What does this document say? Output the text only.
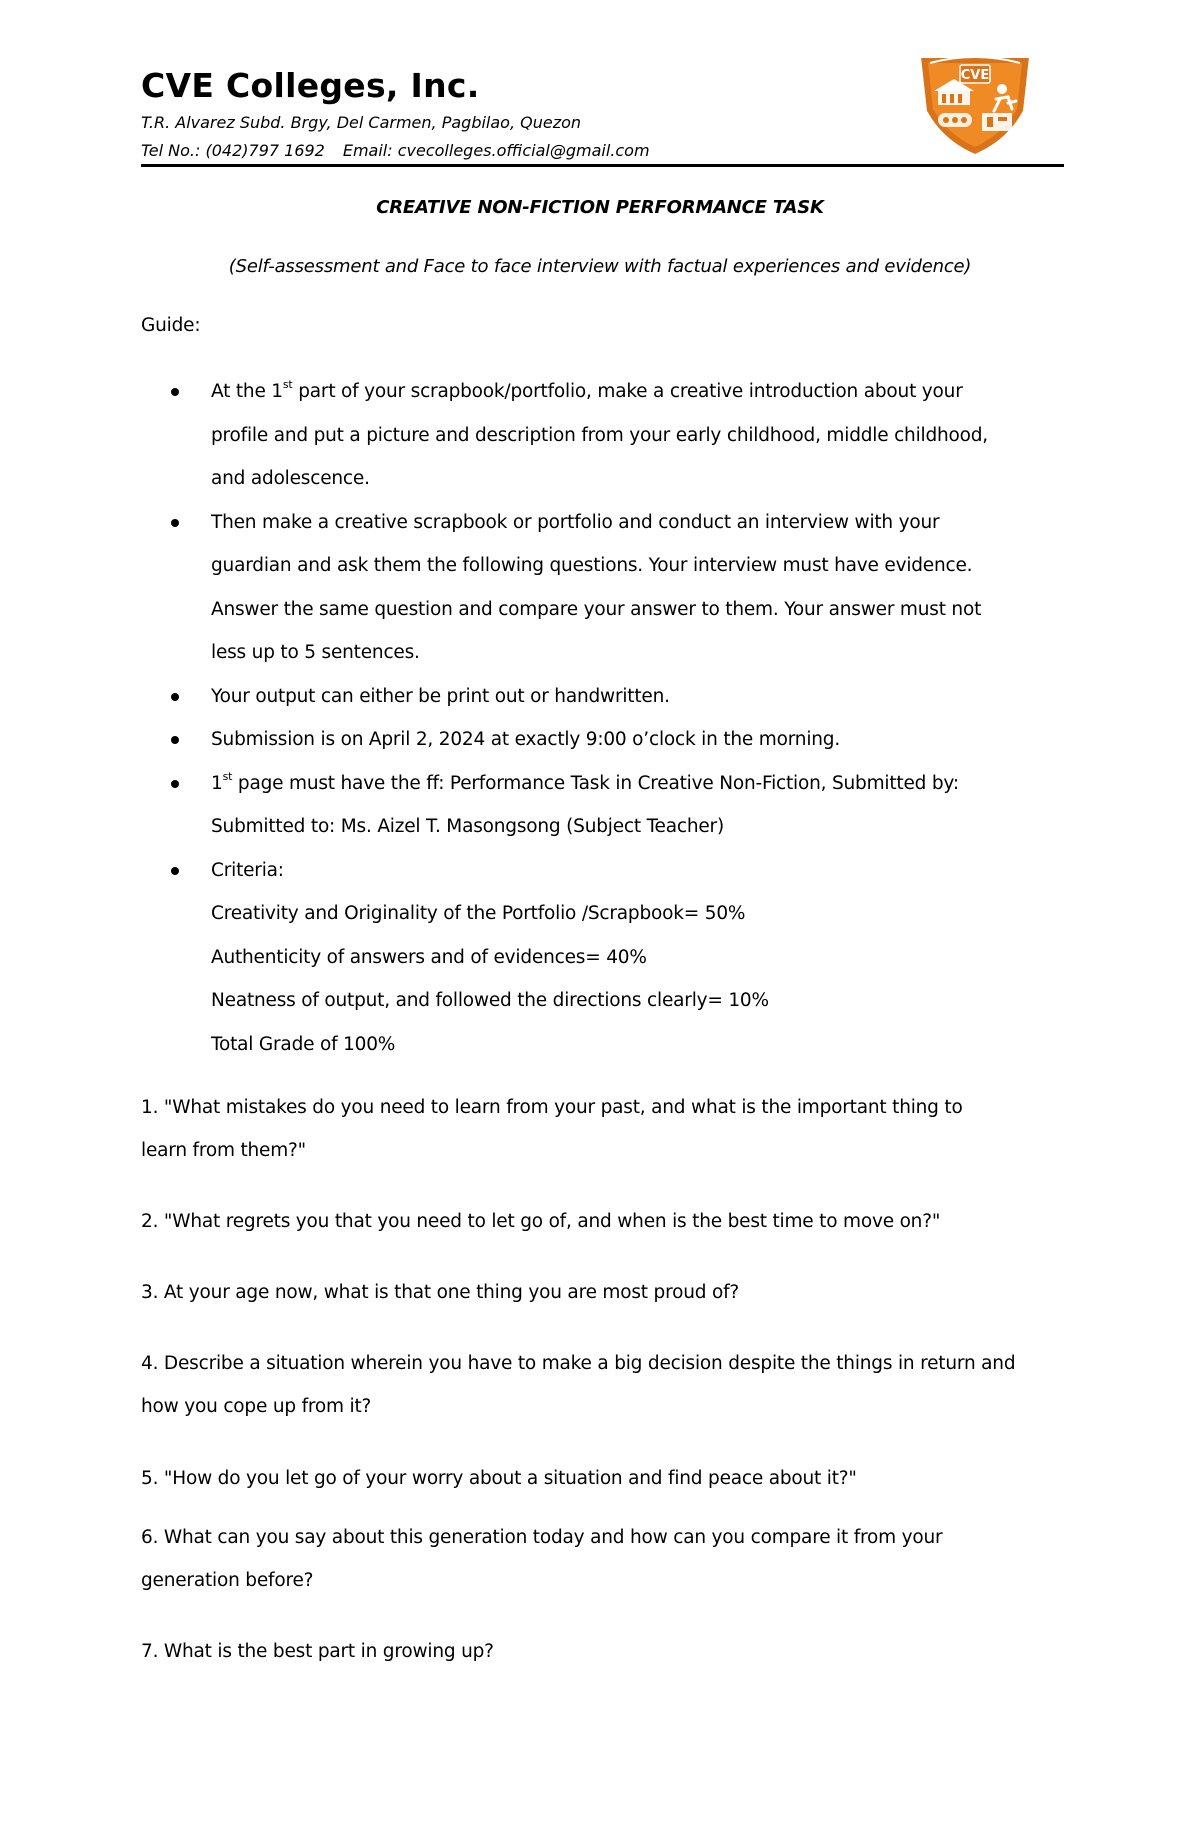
CVE Colleges, Inc.
T.R. Alvarez Subd. Brgy, Del Carmen, Pagbilao, Quezon
Tel No.: (042)797 1692 Email: cvecolleges.official@gmail.com
CVE
CREATIVE NON-FICTION PERFORMANCE TASK
(Self-assessment and Face to face interview with factual experiences and evidence)
Guide:
At the 1st part of your scrapbook/portfolio, make a creative introduction about your
profile and put a picture and description from your early childhood, middle childhood,
and adolescence.
Then make a creative scrapbook or portfolio and conduct an interview with your
guardian and ask them the following questions. Your interview must have evidence.
Answer the same question and compare your answer to them. Your answer must not
less up to 5 sentences.
Your output can either be print out or handwritten.
Submission is on April 2, 2024 at exactly 9:00 o’clock in the morning.
1st page must have the ff: Performance Task in Creative Non-Fiction, Submitted by:
Submitted to: Ms. Aizel T. Masongsong (Subject Teacher)
Criteria:
Creativity and Originality of the Portfolio /Scrapbook= 50%
Authenticity of answers and of evidences= 40%
Neatness of output, and followed the directions clearly= 10%
Total Grade of 100%
1. "What mistakes do you need to learn from your past, and what is the important thing to
learn from them?"
2. "What regrets you that you need to let go of, and when is the best time to move on?"
3. At your age now, what is that one thing you are most proud of?
4. Describe a situation wherein you have to make a big decision despite the things in return and
how you cope up from it?
5. "How do you let go of your worry about a situation and find peace about it?"
6. What can you say about this generation today and how can you compare it from your
generation before?
7. What is the best part in growing up?
